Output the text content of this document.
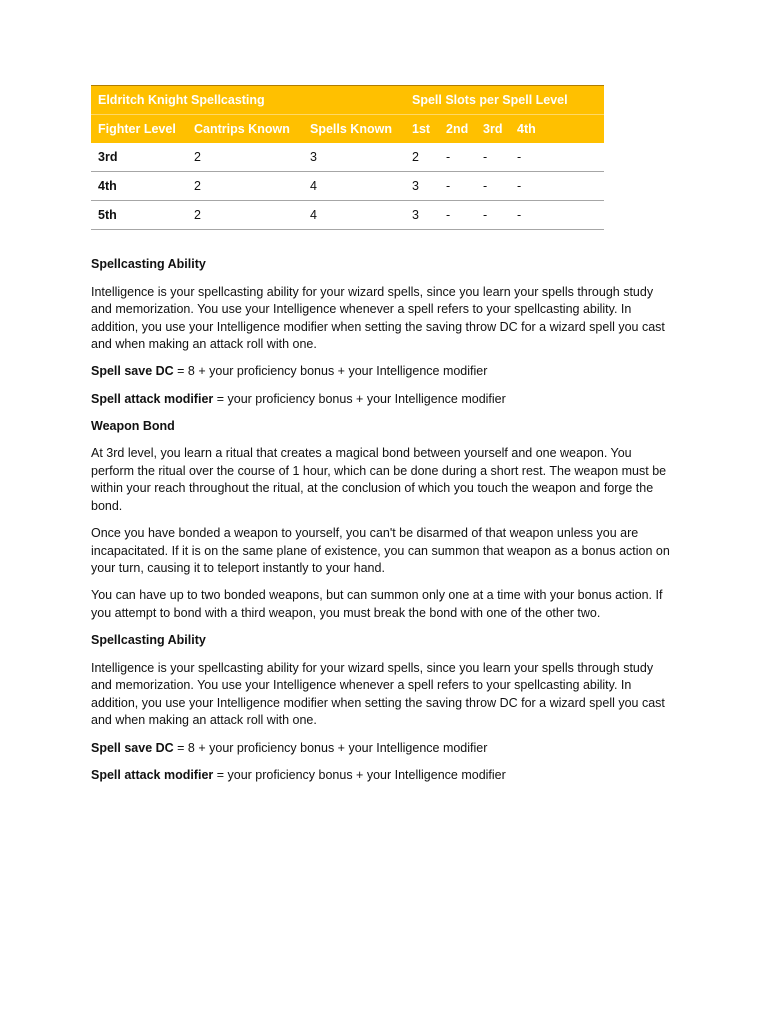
Eldritch Knight Spellcasting			Spell Slots per Spell Level			
Fighter Level	Cantrips Known	Spells Known	1st	2nd	3rd	4th
3rd	2	3	2	-	-	-
4th	2	4	3	-	-	-
5th	2	4	3	-	-	-

Spellcasting Ability

Intelligence is your spellcasting ability for your wizard spells, since you learn your spells through study and memorization. You use your Intelligence whenever a spell refers to your spellcasting ability. In addition, you use your Intelligence modifier when setting the saving throw DC for a wizard spell you cast and when making an attack roll with one.

Spell save DC = 8 + your proficiency bonus + your Intelligence modifier

Spell attack modifier = your proficiency bonus + your Intelligence modifier

Weapon Bond

At 3rd level, you learn a ritual that creates a magical bond between yourself and one weapon. You perform the ritual over the course of 1 hour, which can be done during a short rest. The weapon must be within your reach throughout the ritual, at the conclusion of which you touch the weapon and forge the bond.

Once you have bonded a weapon to yourself, you can't be disarmed of that weapon unless you are incapacitated. If it is on the same plane of existence, you can summon that weapon as a bonus action on your turn, causing it to teleport instantly to your hand.

You can have up to two bonded weapons, but can summon only one at a time with your bonus action. If you attempt to bond with a third weapon, you must break the bond with one of the other two.

Spellcasting Ability

Intelligence is your spellcasting ability for your wizard spells, since you learn your spells through study and memorization. You use your Intelligence whenever a spell refers to your spellcasting ability. In addition, you use your Intelligence modifier when setting the saving throw DC for a wizard spell you cast and when making an attack roll with one.

Spell save DC = 8 + your proficiency bonus + your Intelligence modifier

Spell attack modifier = your proficiency bonus + your Intelligence modifier
